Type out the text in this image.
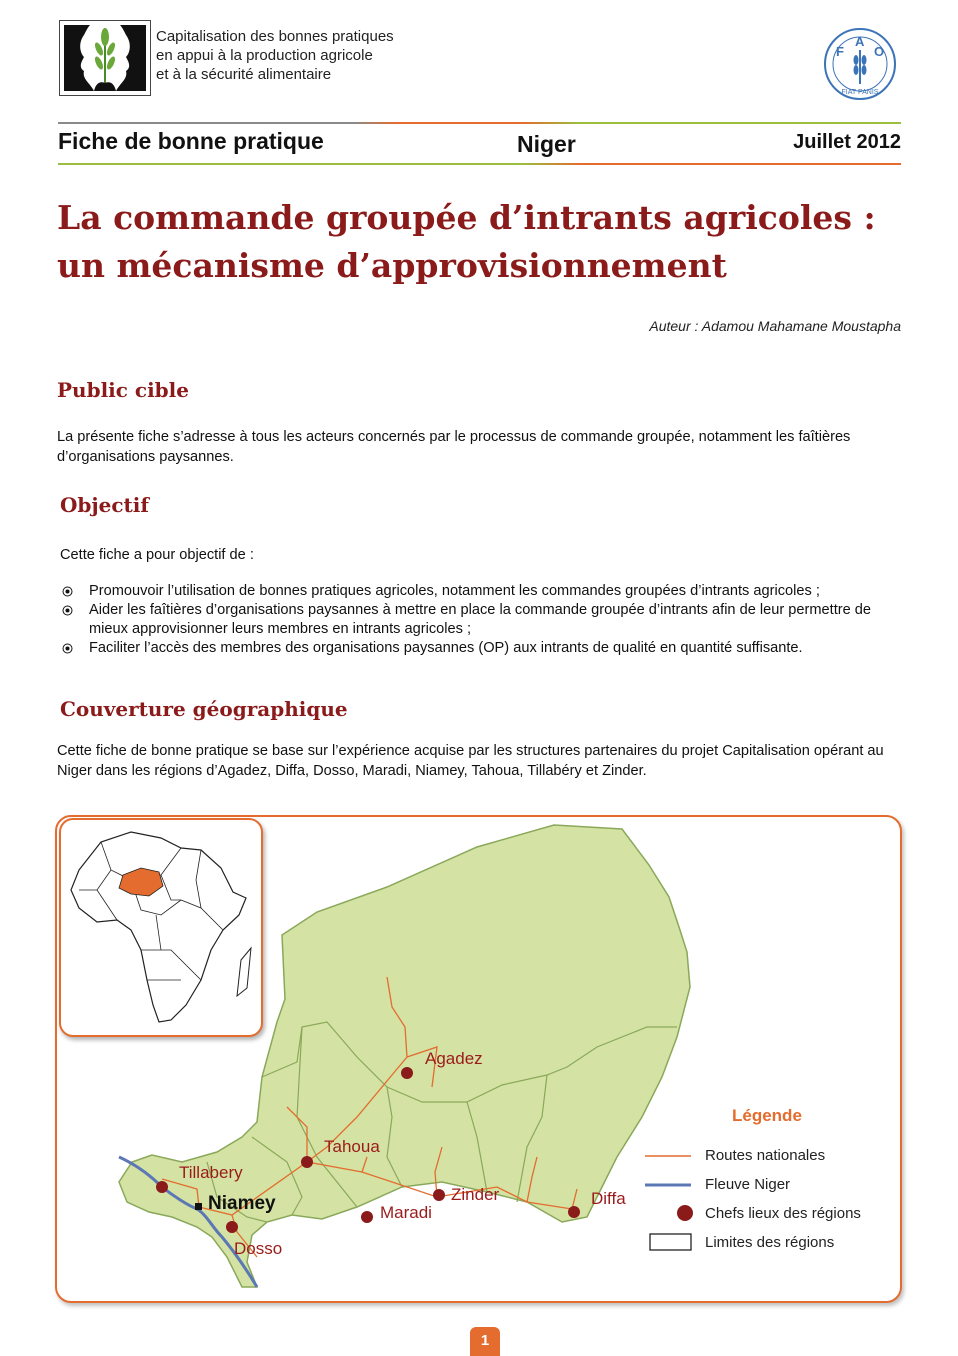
Capitalisation des bonnes pratiques
en appui à la production agricole
et à la sécurité alimentaire
F
A
O
FIAT PANIS
Fiche de bonne pratique	Niger	Juillet 2012
La commande groupée d’intrants agricoles :
un mécanisme d’approvisionnement
Auteur : Adamou Mahamane Moustapha
Public cible

La présente fiche s’adresse à tous les acteurs concernés par le processus de commande groupée, notamment les faîtières d’organisations paysannes.

Objectif

Cette fiche a pour objectif de :

Promouvoir l’utilisation de bonnes pratiques agricoles, notamment les commandes groupées d’intrants agricoles ;
Aider les faîtières d’organisations paysannes à mettre en place la commande groupée d’intrants afin de leur permettre de mieux approvisionner leurs membres en intrants agricoles ;
Faciliter l’accès des membres des organisations paysannes (OP) aux intrants de qualité en quantité suffisante.
Couverture géographique

Cette fiche de bonne pratique se base sur l’expérience acquise par les structures partenaires du projet Capitalisation opérant au Niger dans les régions d’Agadez, Diffa, Dosso, Maradi, Niamey, Tahoua, Tillabéry et Zinder.

Agadez
Tahoua
Tillabery
Niamey
Dosso
Maradi
Zinder	Diffa
Légende
Routes nationales
Fleuve Niger
Chefs lieux des régions
Limites des régions
1
